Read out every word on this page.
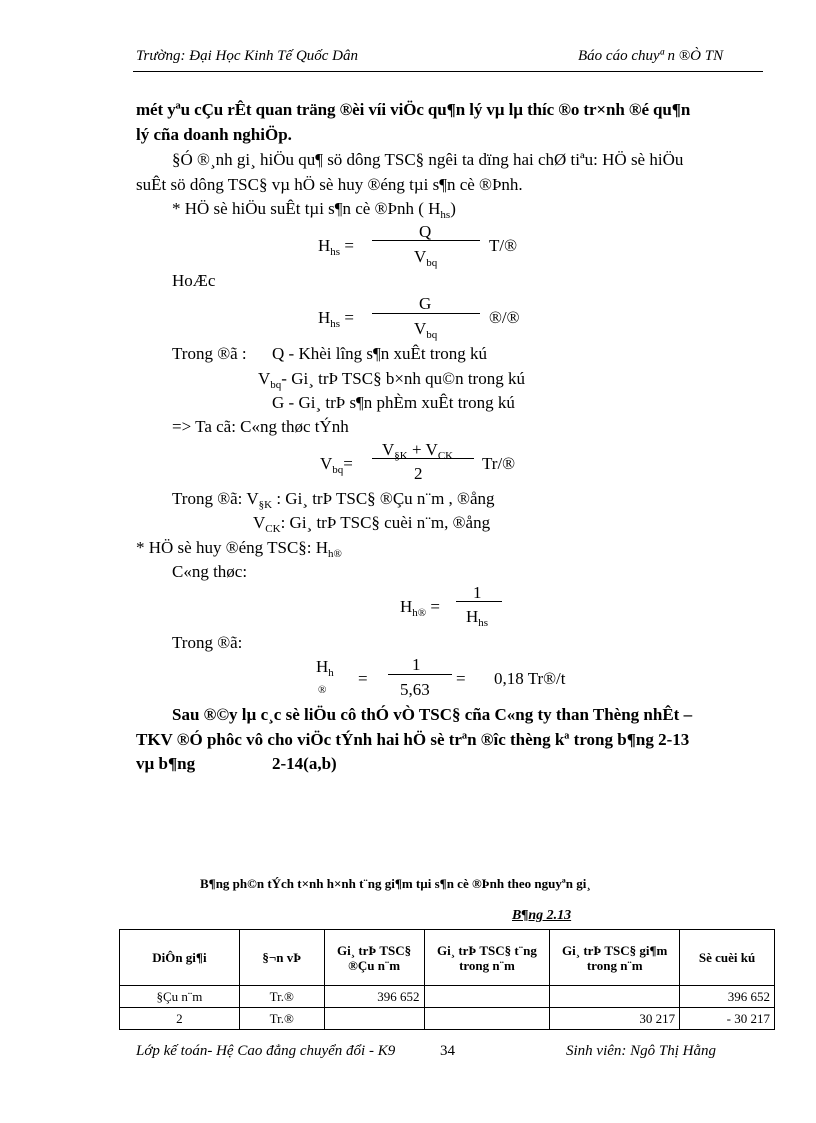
Trường: Đại Học Kinh Tế Quốc Dân	Báo cáo chuyª n ®Ò TN
mét yªu cÇu rÊt quan träng ®èi víi viÖc qu¶n lý vµ lµ thíc ®o tr×nh ®é qu¶n
lý cña doanh nghiÖp.
§Ó ®¸nh gi¸ hiÖu qu¶ sö dông TSC§ ngêi ta dïng hai chØ tiªu: HÖ sè hiÖu
suÊt sö dông TSC§ vµ hÖ sè huy ®éng tµi s¶n cè ®Þnh.
* HÖ sè hiÖu suÊt tµi s¶n cè ®Þnh ( $H_{hs}$)
$H_{hs}$ =
Q
$V_{bq}$
T/®
HoÆc
$H_{hs}$ =
G
$V_{bq}$
®/®
Trong ®ã : Q - Khèi lîng s¶n xuÊt trong kú
$V_{bq}-$ Gi¸ trÞ TSC§ b×nh qu©n trong kú
G - Gi¸ trÞ s¶n phÈm xuÊt trong kú
=> Ta cã: C«ng thøc tÝnh
$V_{bq}=$
$V_{\S K} + V_{CK}$
2
Tr/®
Trong ®ã: $V_{\S K}$ : Gi¸ trÞ TSC§ ®Çu n¨m , ®ång
$V_{CK}$: Gi¸ trÞ TSC§ cuèi n¨m, ®ång
* HÖ sè huy ®éng TSC§: $H_{h®}$
C«ng thøc:
$H_{h®}$ =
1
$H_{hs}$
Trong ®ã:
$H_h$
®
=
1
5,63
= 0,18 Tr®/t
Sau ®©y lµ c¸c sè liÖu cô thÓ vÒ TSC§ cña C«ng ty than Thèng nhÊt –
TKV ®Ó phôc vô cho viÖc tÝnh hai hÖ sè trªn ®îc thèng kª trong b¶ng 2-13
vµ b¶ng	2-14(a,b)
B¶ng ph©n tÝch t×nh h×nh t¨ng gi¶m tµi s¶n cè ®Þnh theo nguyªn gi¸
B¶ng 2.13
DiÔn gi¶i	§¬n vÞ	Gi¸ trÞ TSC§ ®Çu n¨m	Gi¸ trÞ TSC§ t¨ng trong n¨m	Gi¸ trÞ TSC§ gi¶m trong n¨m	Sè cuèi kú
§Çu n¨m	Tr.®	396 652			396 652
2	Tr.®			30 217	- 30 217
Lớp kế toán- Hệ Cao đẳng chuyển đổi - K9	34	Sinh viên: Ngô Thị Hằng
